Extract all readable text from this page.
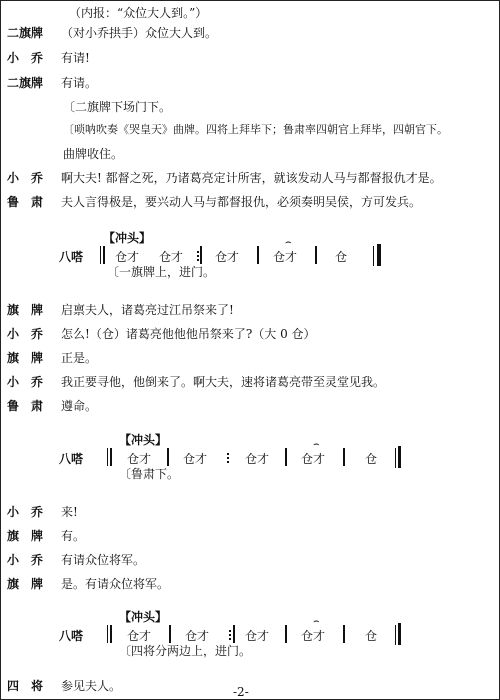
（内报：“众位大人到。”）
二旗牌 （对小乔拱手）众位大人到。
小　乔 有请!
二旗牌 有请。
〔二旗牌下场门下。
〔唢呐吹奏《哭皇天》曲牌。四将上拜毕下；鲁肃率四朝官上拜毕，四朝官下。
曲牌收住。
小　乔 啊大夫! 都督之死，乃诸葛亮定计所害，就该发动人马与都督报仇才是。
鲁　肃 夫人言得极是，要兴动人马与都督报仇，必须奏明吴侯，方可发兵。
【冲头】
八嗒	仓才 仓才	仓才
⌢
仓才	仓
〔一旗牌上，进门。
旗　牌 启禀夫人，诸葛亮过江吊祭来了!
小　乔 怎么!（仓）诸葛亮他他他吊祭来了?（大 0 仓）
旗　牌 正是。
小　乔 我正要寻他，他倒来了。啊大夫，速将诸葛亮带至灵堂见我。
鲁　肃 遵命。
【冲头】
八嗒	仓才	仓才	仓才
⌢
仓才	仓
〔鲁肃下。
小　乔 来!
旗　牌 有。
小　乔 有请众位将军。
旗　牌 是。有请众位将军。
【冲头】
八嗒	仓才	仓才	仓才
⌢
仓才	仓
〔四将分两边上，进门。
四　将 参见夫人。	-2-
